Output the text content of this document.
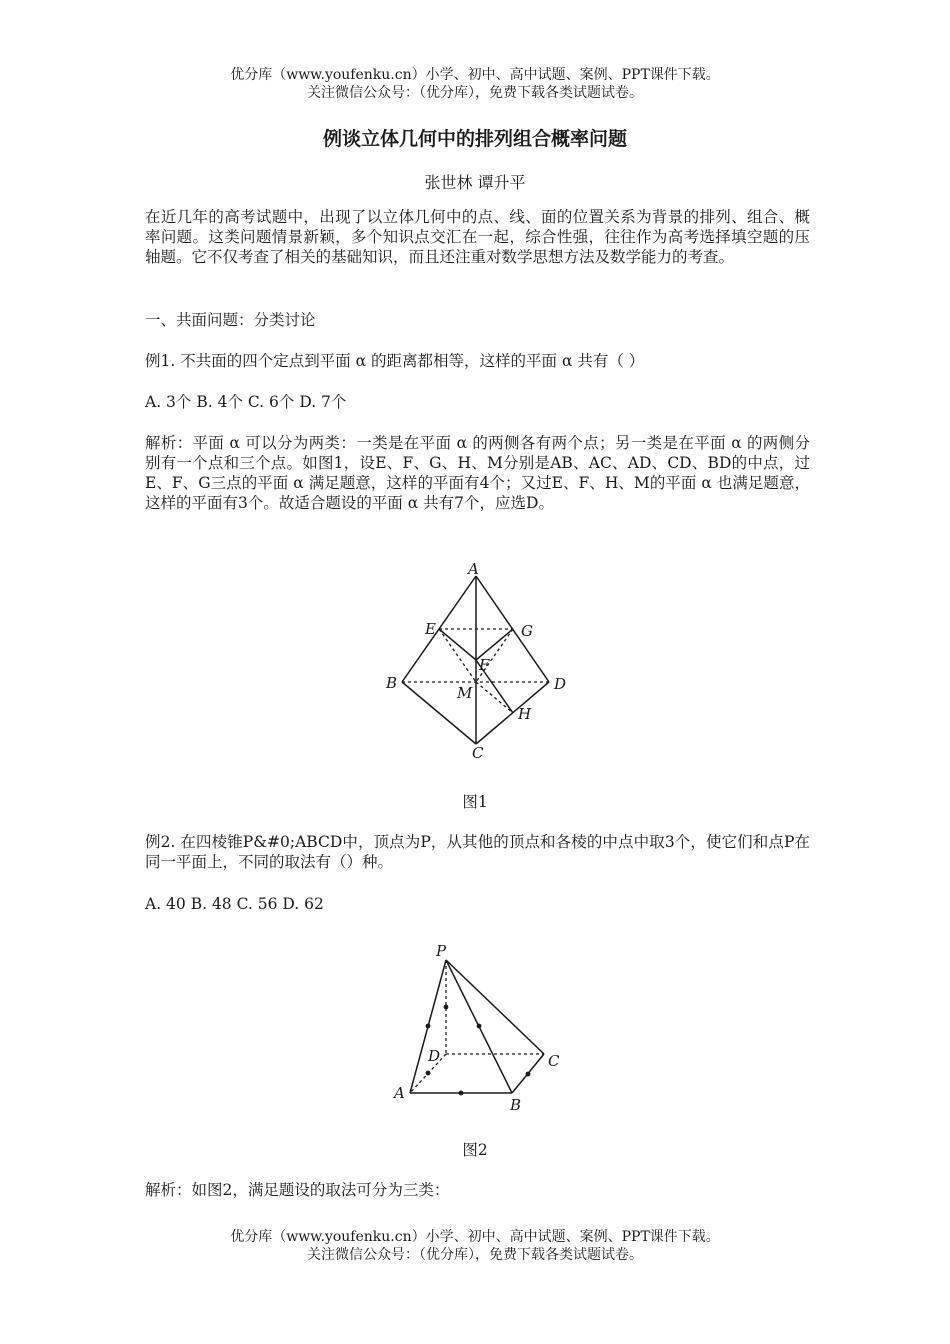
优分库（www.youfenku.cn）小学、初中、高中试题、案例、PPT课件下载。
关注微信公众号：（优分库），免费下载各类试题试卷。
例谈立体几何中的排列组合概率问题
张世林 谭升平

在近几年的高考试题中，出现了以立体几何中的点、线、面的位置关系为背景的排列、组合、概率问题。这类问题情景新颖，多个知识点交汇在一起，综合性强，往往作为高考选择填空题的压轴题。它不仅考查了相关的基础知识，而且还注重对数学思想方法及数学能力的考查。

一、共面问题：分类讨论

例1. 不共面的四个定点到平面 α 的距离都相等，这样的平面 α 共有（ ）

A. 3个 B. 4个 C. 6个 D. 7个

解析：平面 α 可以分为两类：一类是在平面 α 的两侧各有两个点；另一类是在平面 α 的两侧分别有一个点和三个点。如图1，设E、F、G、H、M分别是AB、AC、AD、CD、BD的中点，过E、F、G三点的平面 α 满足题意，这样的平面有4个；又过E、F、H、M的平面 α 也满足题意，这样的平面有3个。故适合题设的平面 α 共有7个，应选D。

A
B
C
D
E
F
G
H
M
图1

例2. 在四棱锥P&#0;ABCD中，顶点为P，从其他的顶点和各棱的中点中取3个，使它们和点P在同一平面上，不同的取法有（）种。

A. 40 B. 48 C. 56 D. 62

P
A
B
C
D
图2

解析：如图2，满足题设的取法可分为三类：

优分库（www.youfenku.cn）小学、初中、高中试题、案例、PPT课件下载。
关注微信公众号：（优分库），免费下载各类试题试卷。
